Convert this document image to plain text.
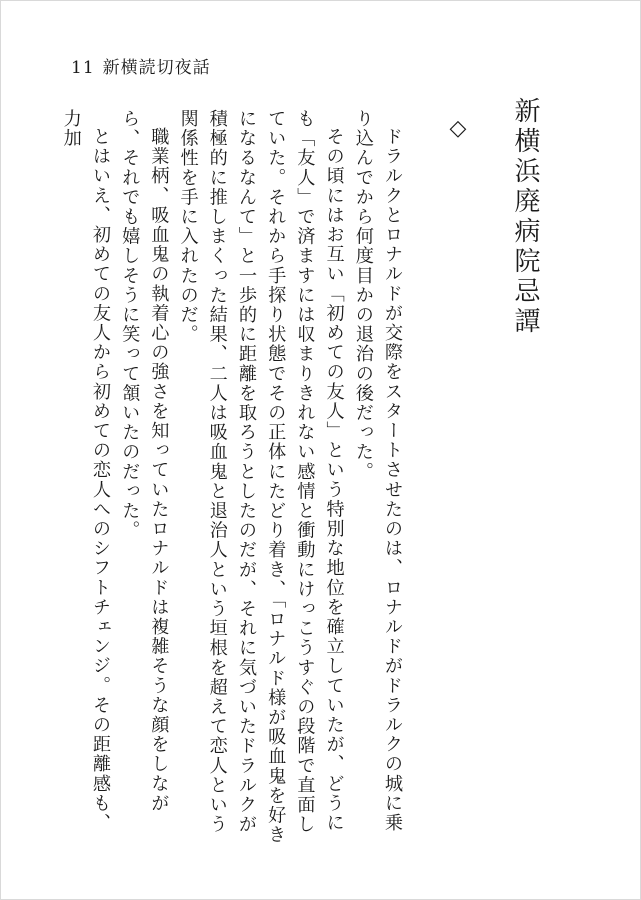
11 新横読切夜話
新横浜廃病院忌譚
◇

ドラルクとロナルドが交際をスタートさせたのは、ロナルドがドラルクの城に乗り込んでから何度目かの退治の後だった。

その頃にはお互い「初めての友人」という特別な地位を確立していたが、どうにも「友人」で済ますには収まりきれない感情と衝動にけっこうすぐの段階で直面していた。それから手探り状態でその正体にたどり着き、「ロナルド様が吸血鬼を好きになるなんて」と一歩的に距離を取ろうとしたのだが、それに気づいたドラルクが積極的に推しまくった結果、二人は吸血鬼と退治人という垣根を超えて恋人という関係性を手に入れたのだ。

職業柄、吸血鬼の執着心の強さを知っていたロナルドは複雑そうな顔をしながら、それでも嬉しそうに笑って頷いたのだった。

とはいえ、初めての友人から初めての恋人へのシフトチェンジ。その距離感も、力加
